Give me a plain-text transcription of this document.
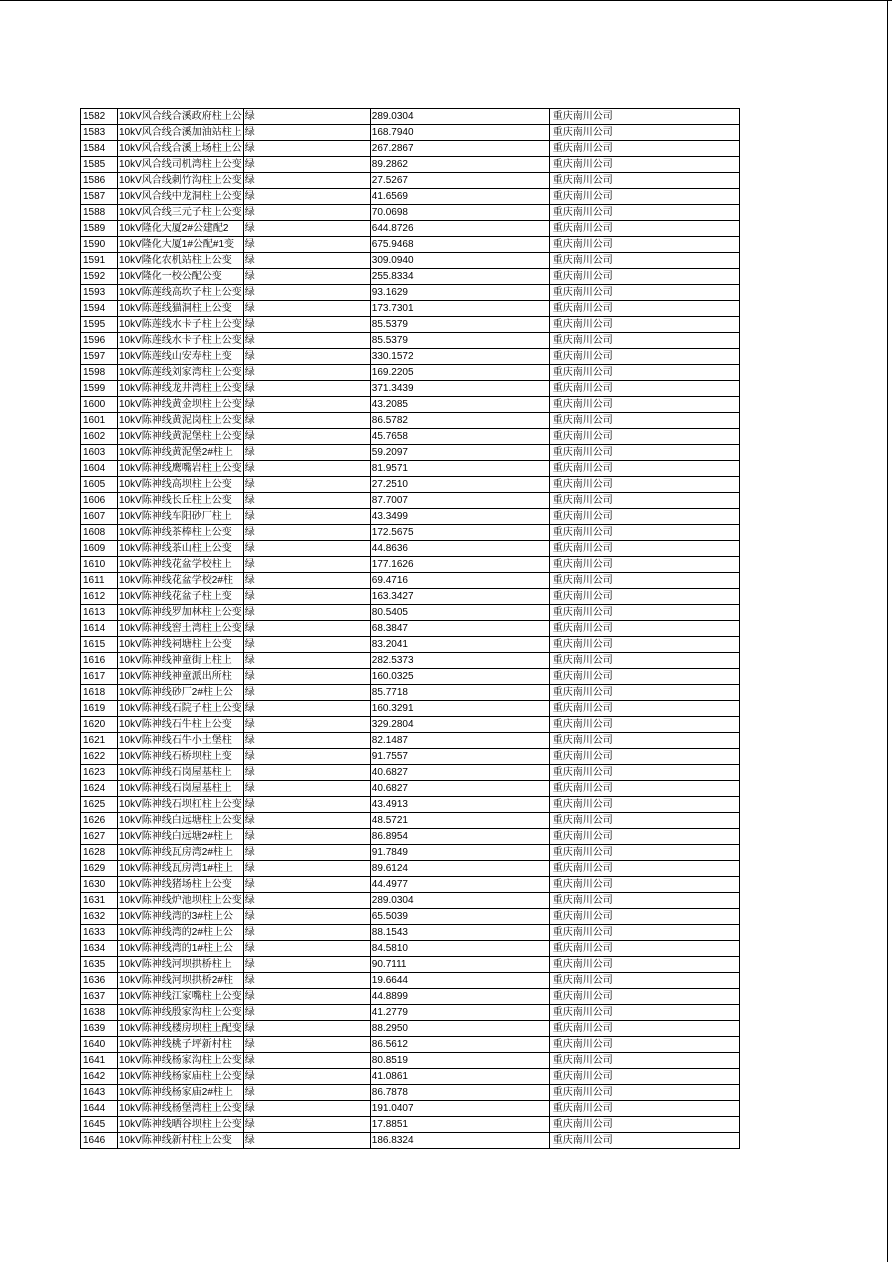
1582	10kV风合线合溪政府柱上公	绿	289.0304	重庆南川公司
1583	10kV风合线合溪加油站柱上	绿	168.7940	重庆南川公司
1584	10kV风合线合溪上场柱上公	绿	267.2867	重庆南川公司
1585	10kV风合线司机湾柱上公变	绿	89.2862	重庆南川公司
1586	10kV风合线刺竹沟柱上公变	绿	27.5267	重庆南川公司
1587	10kV风合线中龙洞柱上公变	绿	41.6569	重庆南川公司
1588	10kV风合线三元子柱上公变	绿	70.0698	重庆南川公司
1589	10kV隆化大厦2#公建配2	绿	644.8726	重庆南川公司
1590	10kV隆化大厦1#公配#1变	绿	675.9468	重庆南川公司
1591	10kV隆化农机站柱上公变	绿	309.0940	重庆南川公司
1592	10kV隆化一校公配公变	绿	255.8334	重庆南川公司
1593	10kV陈莲线高坎子柱上公变	绿	93.1629	重庆南川公司
1594	10kV陈莲线猫洞柱上公变	绿	173.7301	重庆南川公司
1595	10kV陈莲线水卡子柱上公变	绿	85.5379	重庆南川公司
1596	10kV陈莲线水卡子柱上公变	绿	85.5379	重庆南川公司
1597	10kV陈莲线山安寿柱上变	绿	330.1572	重庆南川公司
1598	10kV陈莲线刘家湾柱上公变	绿	169.2205	重庆南川公司
1599	10kV陈神线龙井湾柱上公变	绿	371.3439	重庆南川公司
1600	10kV陈神线黄金坝柱上公变	绿	43.2085	重庆南川公司
1601	10kV陈神线黄泥岗柱上公变	绿	86.5782	重庆南川公司
1602	10kV陈神线黄泥堡柱上公变	绿	45.7658	重庆南川公司
1603	10kV陈神线黄泥堡2#柱上	绿	59.2097	重庆南川公司
1604	10kV陈神线鹰嘴岩柱上公变	绿	81.9571	重庆南川公司
1605	10kV陈神线高坝柱上公变	绿	27.2510	重庆南川公司
1606	10kV陈神线长丘柱上公变	绿	87.7007	重庆南川公司
1607	10kV陈神线车阳砂厂柱上	绿	43.3499	重庆南川公司
1608	10kV陈神线茶棒柱上公变	绿	172.5675	重庆南川公司
1609	10kV陈神线茶山柱上公变	绿	44.8636	重庆南川公司
1610	10kV陈神线花盆学校柱上	绿	177.1626	重庆南川公司
1611	10kV陈神线花盆学校2#柱	绿	69.4716	重庆南川公司
1612	10kV陈神线花盆子柱上变	绿	163.3427	重庆南川公司
1613	10kV陈神线罗加林柱上公变	绿	80.5405	重庆南川公司
1614	10kV陈神线窖土湾柱上公变	绿	68.3847	重庆南川公司
1615	10kV陈神线祠塘柱上公变	绿	83.2041	重庆南川公司
1616	10kV陈神线神童街上柱上	绿	282.5373	重庆南川公司
1617	10kV陈神线神童派出所柱	绿	160.0325	重庆南川公司
1618	10kV陈神线砂厂2#柱上公	绿	85.7718	重庆南川公司
1619	10kV陈神线石院子柱上公变	绿	160.3291	重庆南川公司
1620	10kV陈神线石牛柱上公变	绿	329.2804	重庆南川公司
1621	10kV陈神线石牛小土堡柱	绿	82.1487	重庆南川公司
1622	10kV陈神线石桥坝柱上变	绿	91.7557	重庆南川公司
1623	10kV陈神线石岗屋基柱上	绿	40.6827	重庆南川公司
1624	10kV陈神线石岗屋基柱上	绿	40.6827	重庆南川公司
1625	10kV陈神线石坝杠柱上公变	绿	43.4913	重庆南川公司
1626	10kV陈神线白远塘柱上公变	绿	48.5721	重庆南川公司
1627	10kV陈神线白远塘2#柱上	绿	86.8954	重庆南川公司
1628	10kV陈神线瓦房湾2#柱上	绿	91.7849	重庆南川公司
1629	10kV陈神线瓦房湾1#柱上	绿	89.6124	重庆南川公司
1630	10kV陈神线猪场柱上公变	绿	44.4977	重庆南川公司
1631	10kV陈神线炉池坝柱上公变	绿	289.0304	重庆南川公司
1632	10kV陈神线湾的3#柱上公	绿	65.5039	重庆南川公司
1633	10kV陈神线湾的2#柱上公	绿	88.1543	重庆南川公司
1634	10kV陈神线湾的1#柱上公	绿	84.5810	重庆南川公司
1635	10kV陈神线河坝拱桥柱上	绿	90.7111	重庆南川公司
1636	10kV陈神线河坝拱桥2#柱	绿	19.6644	重庆南川公司
1637	10kV陈神线江家嘴柱上公变	绿	44.8899	重庆南川公司
1638	10kV陈神线殷家沟柱上公变	绿	41.2779	重庆南川公司
1639	10kV陈神线楼房坝柱上配变	绿	88.2950	重庆南川公司
1640	10kV陈神线桃子坪新村柱	绿	86.5612	重庆南川公司
1641	10kV陈神线杨家沟柱上公变	绿	80.8519	重庆南川公司
1642	10kV陈神线杨家庙柱上公变	绿	41.0861	重庆南川公司
1643	10kV陈神线杨家庙2#柱上	绿	86.7878	重庆南川公司
1644	10kV陈神线杨堡湾柱上公变	绿	191.0407	重庆南川公司
1645	10kV陈神线晒谷坝柱上公变	绿	17.8851	重庆南川公司
1646	10kV陈神线新村柱上公变	绿	186.8324	重庆南川公司
